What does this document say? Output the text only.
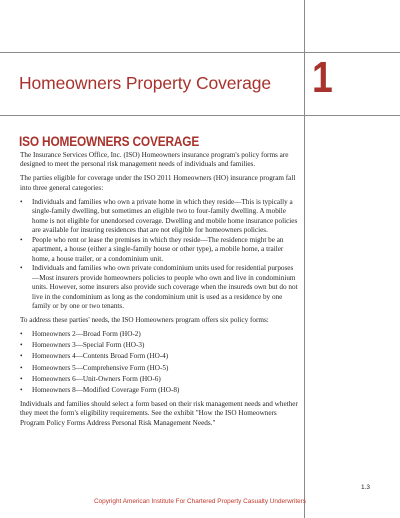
Homeowners Property Coverage 1
ISO HOMEOWNERS COVERAGE

The Insurance Services Office, Inc. (ISO) Homeowners insurance program's policy forms are designed to meet the personal risk management needs of individuals and families.

The parties eligible for coverage under the ISO 2011 Homeowners (HO) insurance program fall into three general categories:

• Individuals and families who own a private home in which they reside—This is typically a single-family dwelling, but sometimes an eligible two to four-family dwelling. A mobile home is not eligible for unendorsed coverage. Dwelling and mobile home insurance policies are available for insuring residences that are not eligible for homeowners policies.
• People who rent or lease the premises in which they reside—The residence might be an apartment, a house (either a single-family house or other type), a mobile home, a trailer home, a house trailer, or a condominium unit.
• Individuals and families who own private condominium units used for residential purposes—Most insurers provide homeowners policies to people who own and live in condominium units. However, some insurers also provide such coverage when the insureds own but do not live in the condominium as long as the condominium unit is used as a residence by one family or by one or two tenants.

To address these parties' needs, the ISO Homeowners program offers six policy forms:

• Homeowners 2—Broad Form (HO-2)
• Homeowners 3—Special Form (HO-3)
• Homeowners 4—Contents Broad Form (HO-4)
• Homeowners 5—Comprehensive Form (HO-5)
• Homeowners 6—Unit-Owners Form (HO-6)
• Homeowners 8—Modified Coverage Form (HO-8)

Individuals and families should select a form based on their risk management needs and whether they meet the form's eligibility requirements. See the exhibit "How the ISO Homeowners Program Policy Forms Address Personal Risk Management Needs."

1.3
Copyright American Institute For Chartered Property Casualty Underwriters
